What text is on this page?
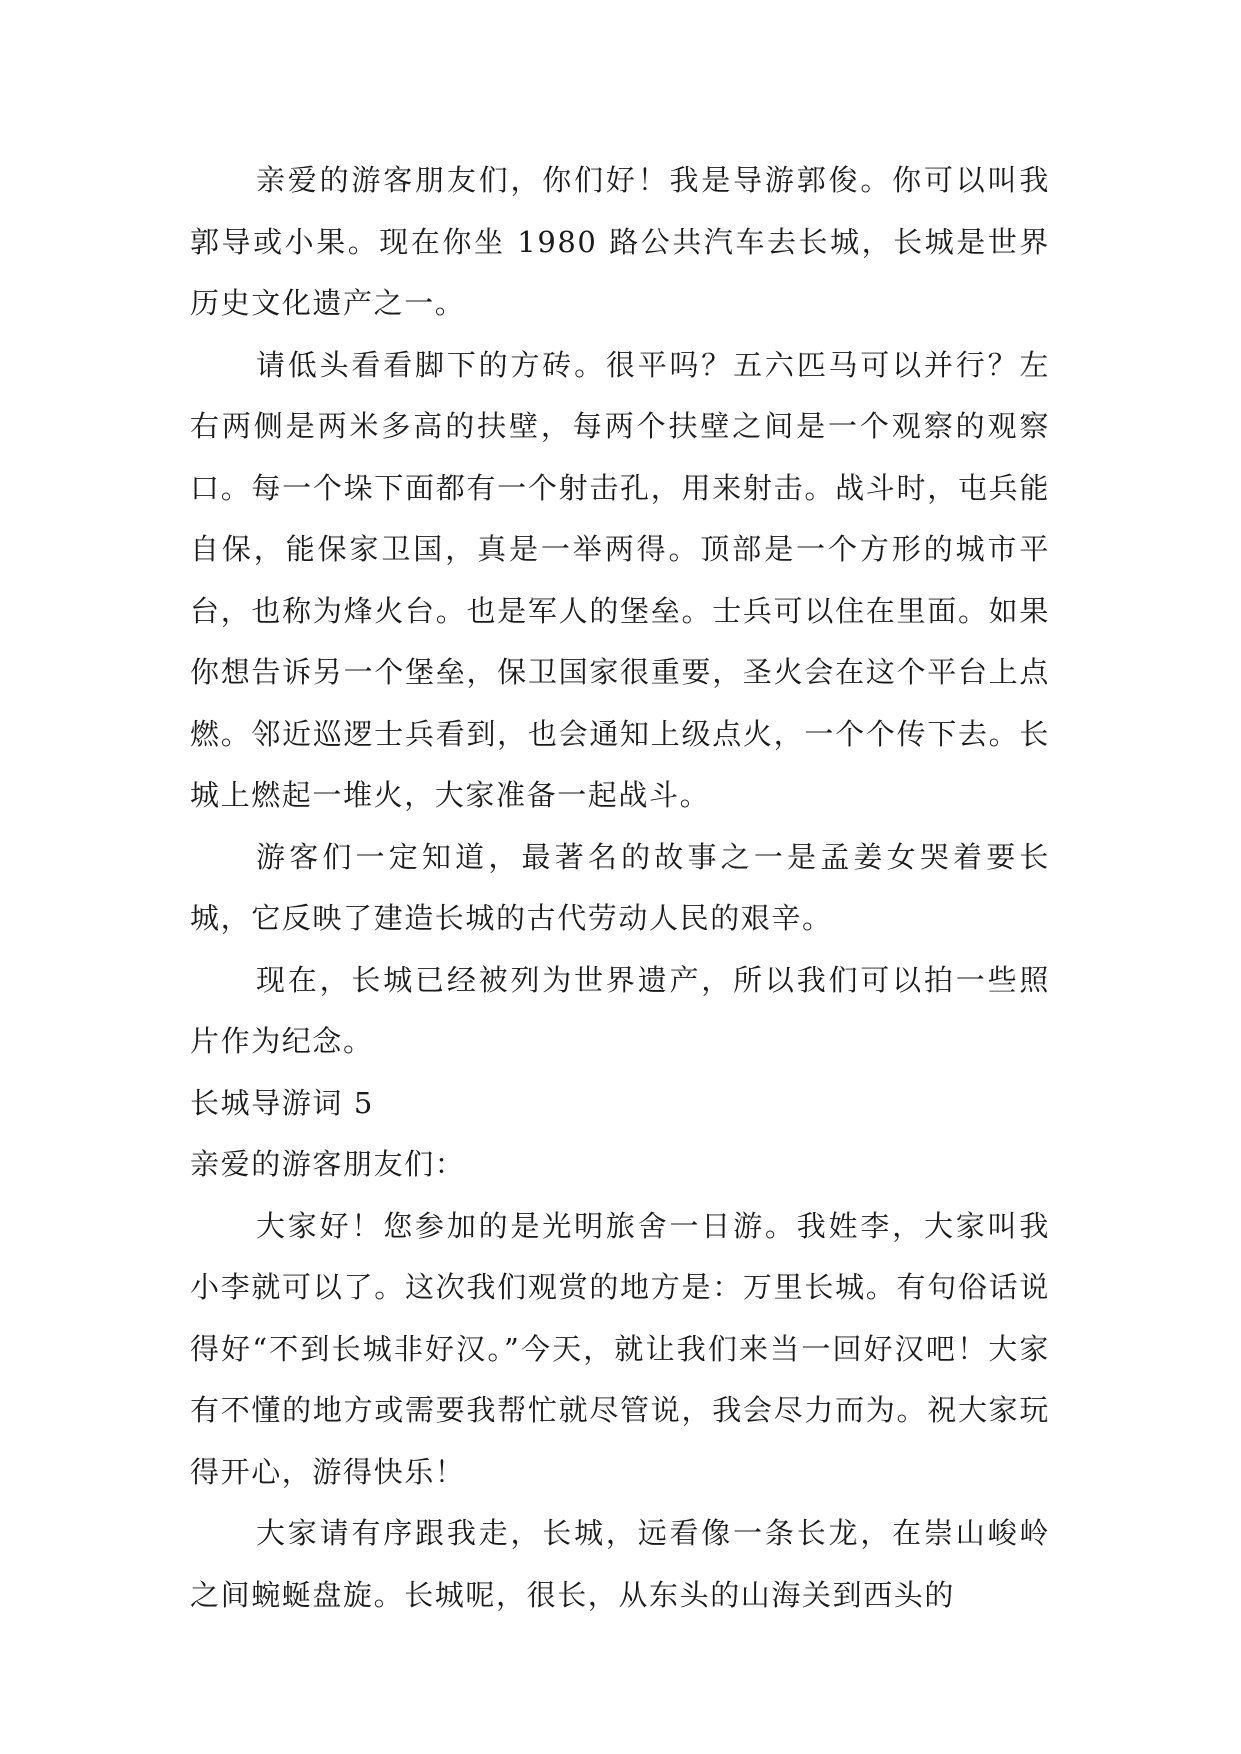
亲爱的游客朋友们，你们好！我是导游郭俊。你可以叫我郭导或小果。现在你坐 1980 路公共汽车去长城，长城是世界历史文化遗产之一。

请低头看看脚下的方砖。很平吗？五六匹马可以并行？左右两侧是两米多高的扶壁，每两个扶壁之间是一个观察的观察口。每一个垛下面都有一个射击孔，用来射击。战斗时，屯兵能自保，能保家卫国，真是一举两得。顶部是一个方形的城市平台，也称为烽火台。也是军人的堡垒。士兵可以住在里面。如果你想告诉另一个堡垒，保卫国家很重要，圣火会在这个平台上点燃。邻近巡逻士兵看到，也会通知上级点火，一个个传下去。长城上燃起一堆火，大家准备一起战斗。

游客们一定知道，最著名的故事之一是孟姜女哭着要长城，它反映了建造长城的古代劳动人民的艰辛。

现在，长城已经被列为世界遗产，所以我们可以拍一些照片作为纪念。

长城导游词 5

亲爱的游客朋友们：

大家好！您参加的是光明旅舍一日游。我姓李，大家叫我小李就可以了。这次我们观赏的地方是：万里长城。有句俗话说得好“不到长城非好汉。”今天，就让我们来当一回好汉吧！大家有不懂的地方或需要我帮忙就尽管说，我会尽力而为。祝大家玩得开心，游得快乐！

大家请有序跟我走，长城，远看像一条长龙，在崇山峻岭之间蜿蜒盘旋。长城呢，很长，从东头的山海关到西头的
